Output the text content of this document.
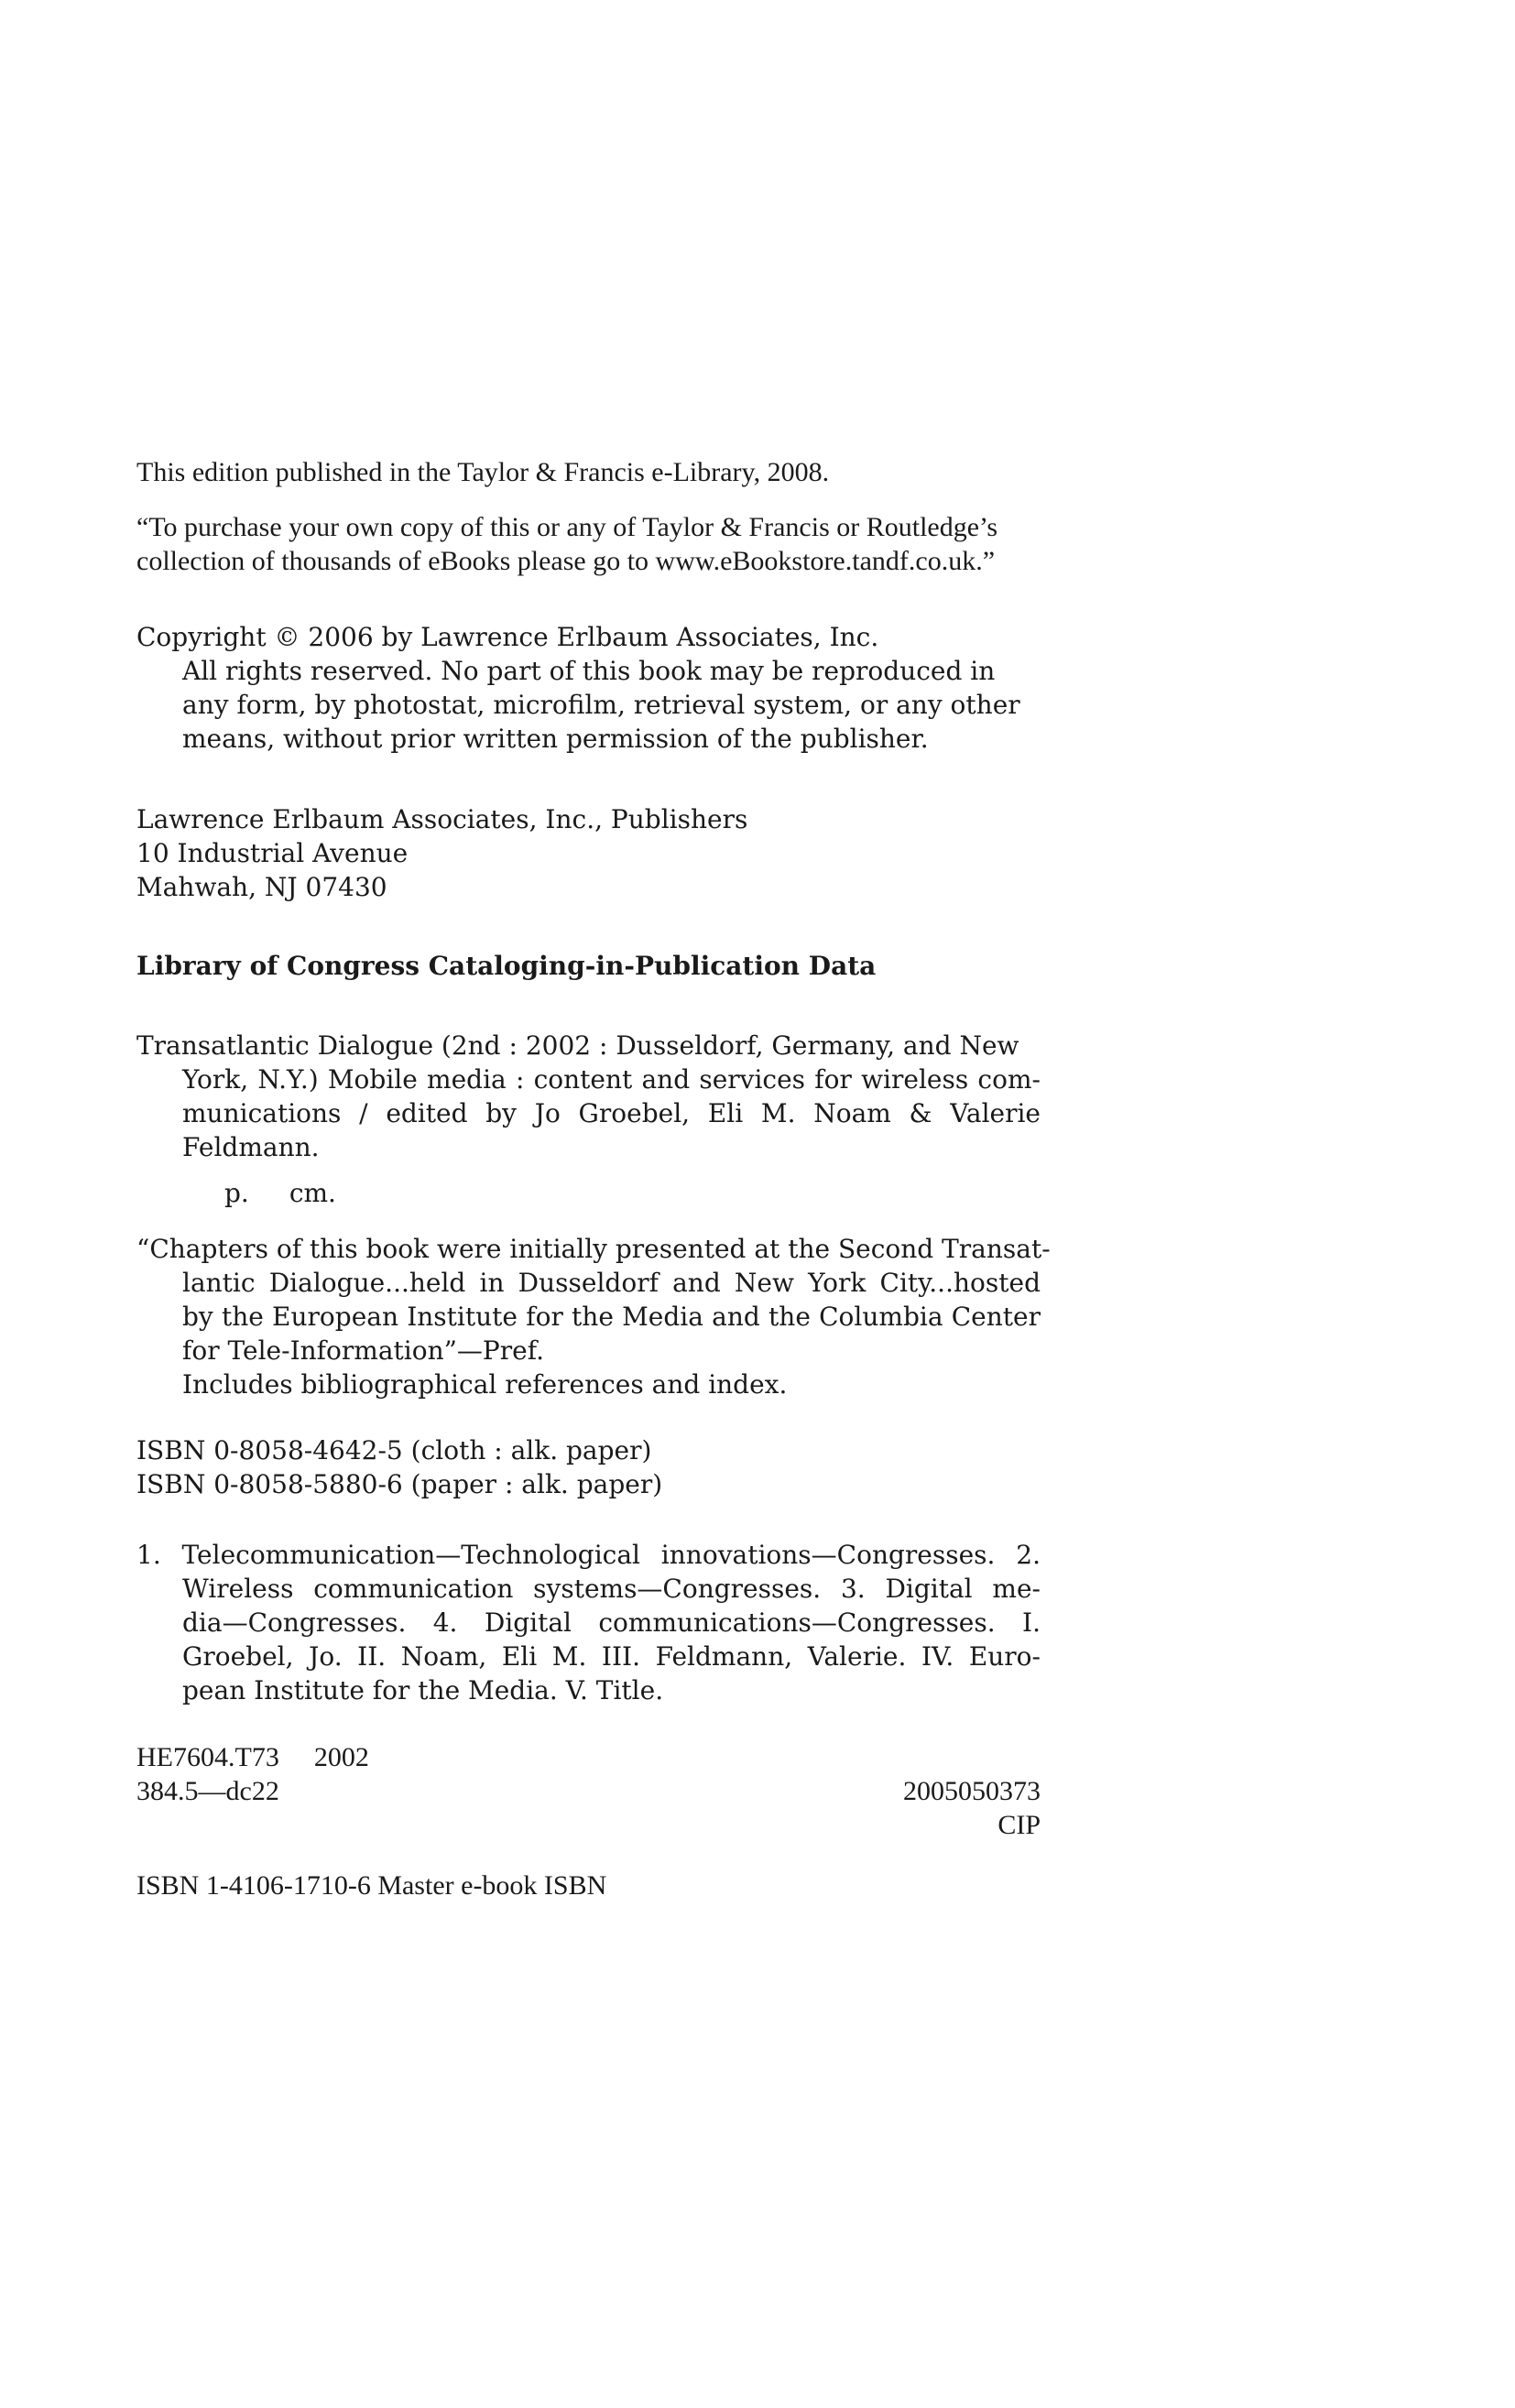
This edition published in the Taylor & Francis e-Library, 2008.

“To purchase your own copy of this or any of Taylor & Francis or Routledge’s
collection of thousands of eBooks please go to www.eBookstore.tandf.co.uk.”

Copyright © 2006 by Lawrence Erlbaum Associates, Inc.
All rights reserved. No part of this book may be reproduced in
any form, by photostat, microfilm, retrieval system, or any other
means, without prior written permission of the publisher.

Lawrence Erlbaum Associates, Inc., Publishers
10 Industrial Avenue
Mahwah, NJ 07430

Library of Congress Cataloging-in-Publication Data

Transatlantic Dialogue (2nd : 2002 : Dusseldorf, Germany, and New
York, N.Y.) Mobile media : content and services for wireless com-
munications / edited by Jo Groebel, Eli M. Noam & Valerie
Feldmann.

p. cm.

“Chapters of this book were initially presented at the Second Transat-
lantic Dialogue...held in Dusseldorf and New York City...hosted
by the European Institute for the Media and the Columbia Center
for Tele-Information”—Pref.
Includes bibliographical references and index.

ISBN 0-8058-4642-5 (cloth : alk. paper)
ISBN 0-8058-5880-6 (paper : alk. paper)

1. Telecommunication—Technological innovations—Congresses. 2.
Wireless communication systems—Congresses. 3. Digital me-
dia—Congresses. 4. Digital communications—Congresses. I.
Groebel, Jo. II. Noam, Eli M. III. Feldmann, Valerie. IV. Euro-
pean Institute for the Media. V. Title.
HE7604.T73 2002
384.5—dc22	2005050373
CIP

ISBN 1-4106-1710-6 Master e-book ISBN
